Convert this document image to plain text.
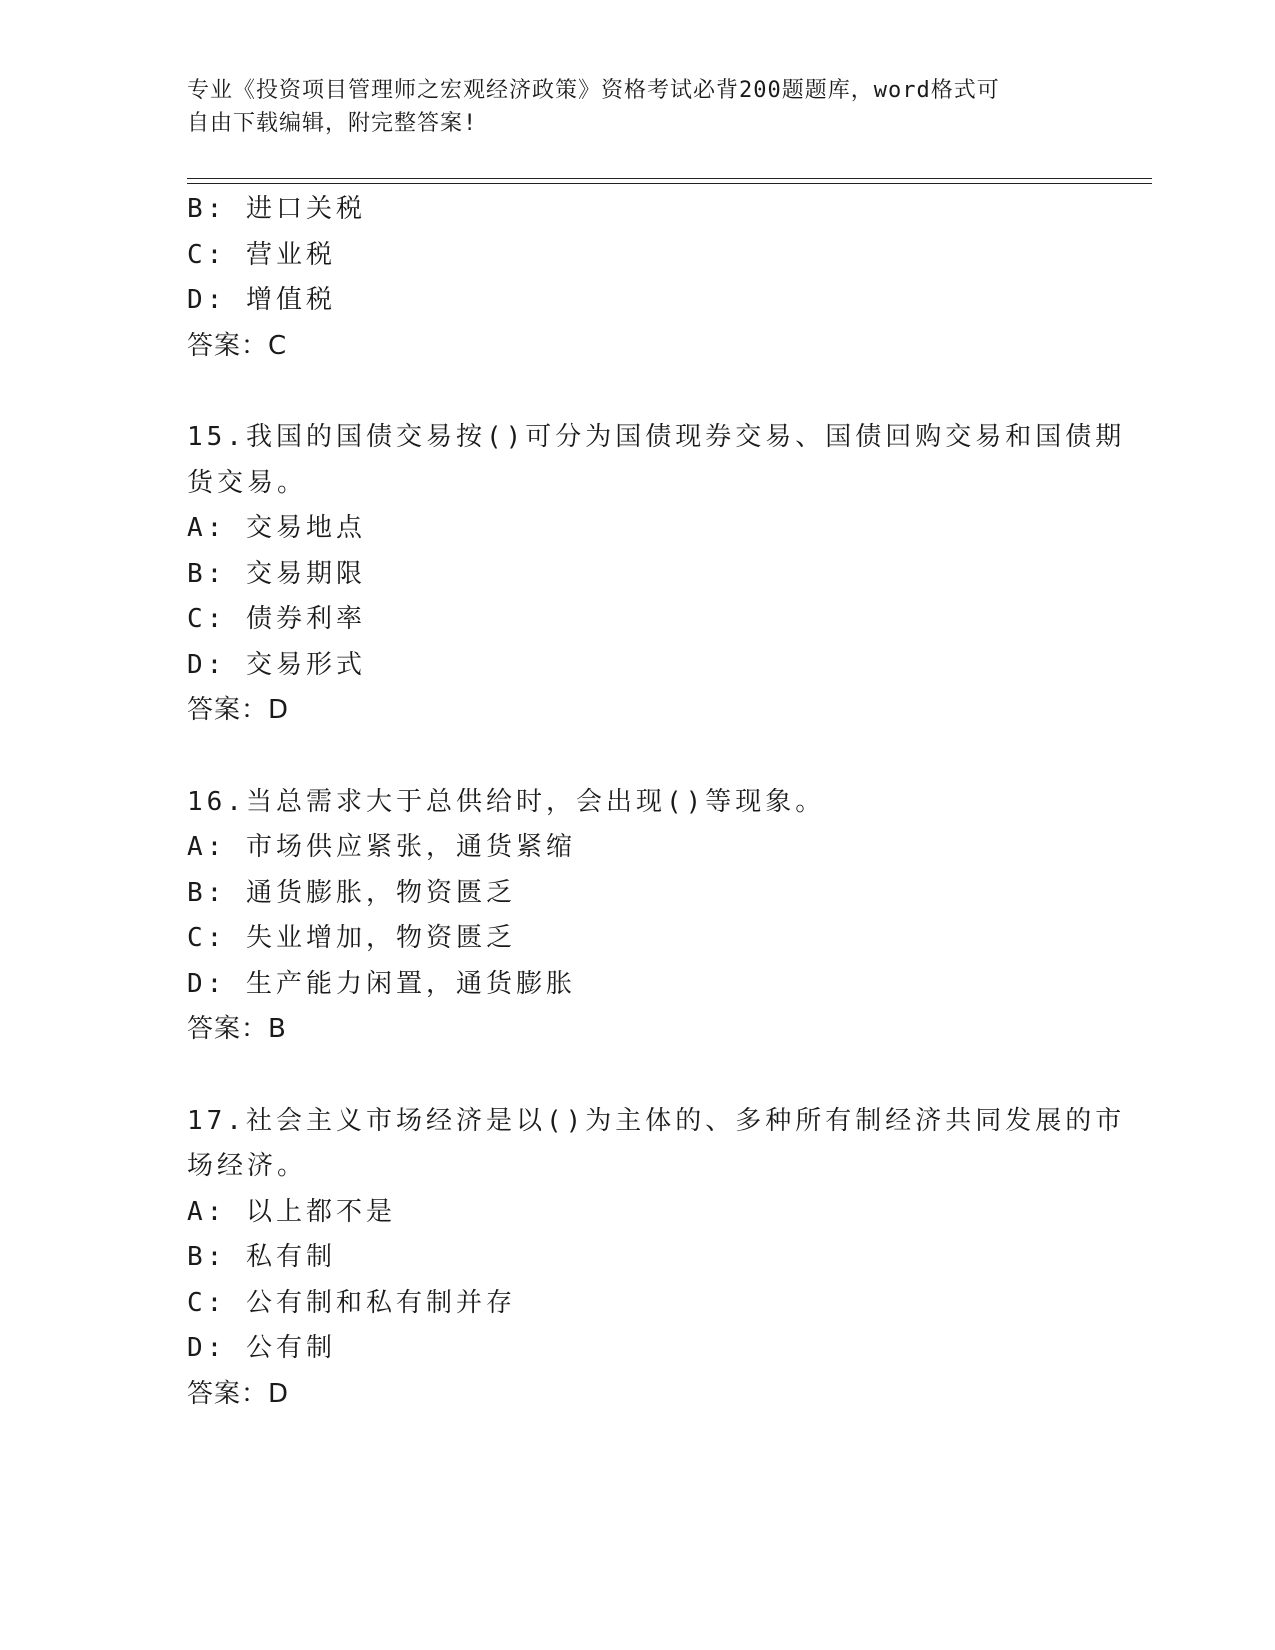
专业《投资项目管理师之宏观经济政策》资格考试必背200题题库，word格式可
自由下载编辑，附完整答案!
B: 进口关税
C: 营业税
D: 增值税
答案：C
15.我国的国债交易按()可分为国债现券交易、国债回购交易和国债期
货交易。
A: 交易地点
B: 交易期限
C: 债券利率
D: 交易形式
答案：D
16.当总需求大于总供给时，会出现()等现象。
A: 市场供应紧张，通货紧缩
B: 通货膨胀，物资匮乏
C: 失业增加，物资匮乏
D: 生产能力闲置，通货膨胀
答案：B
17.社会主义市场经济是以()为主体的、多种所有制经济共同发展的市
场经济。
A: 以上都不是
B: 私有制
C: 公有制和私有制并存
D: 公有制
答案：D
